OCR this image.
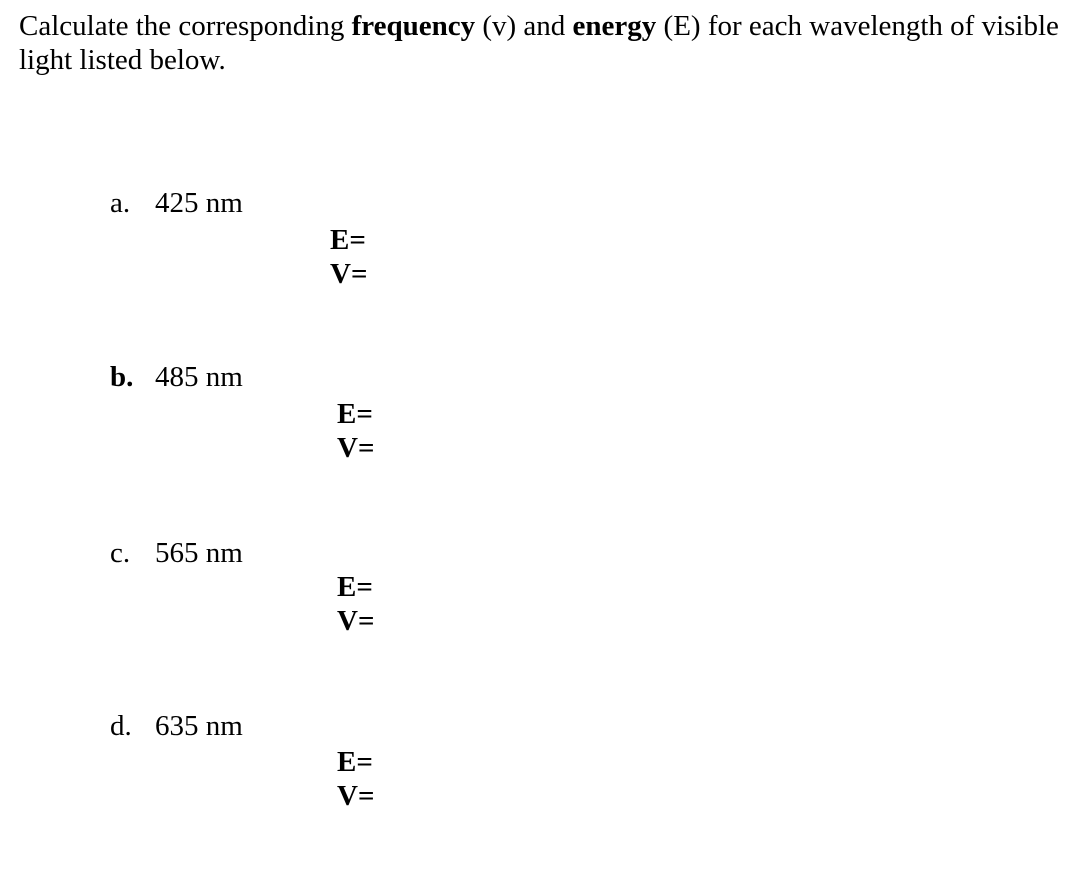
Calculate the corresponding frequency (v) and energy (E) for each wavelength of visible light listed below.

a. 425 nm
E=
V=
b. 485 nm
E=
V=
c. 565 nm
E=
V=
d. 635 nm
E=
V=
